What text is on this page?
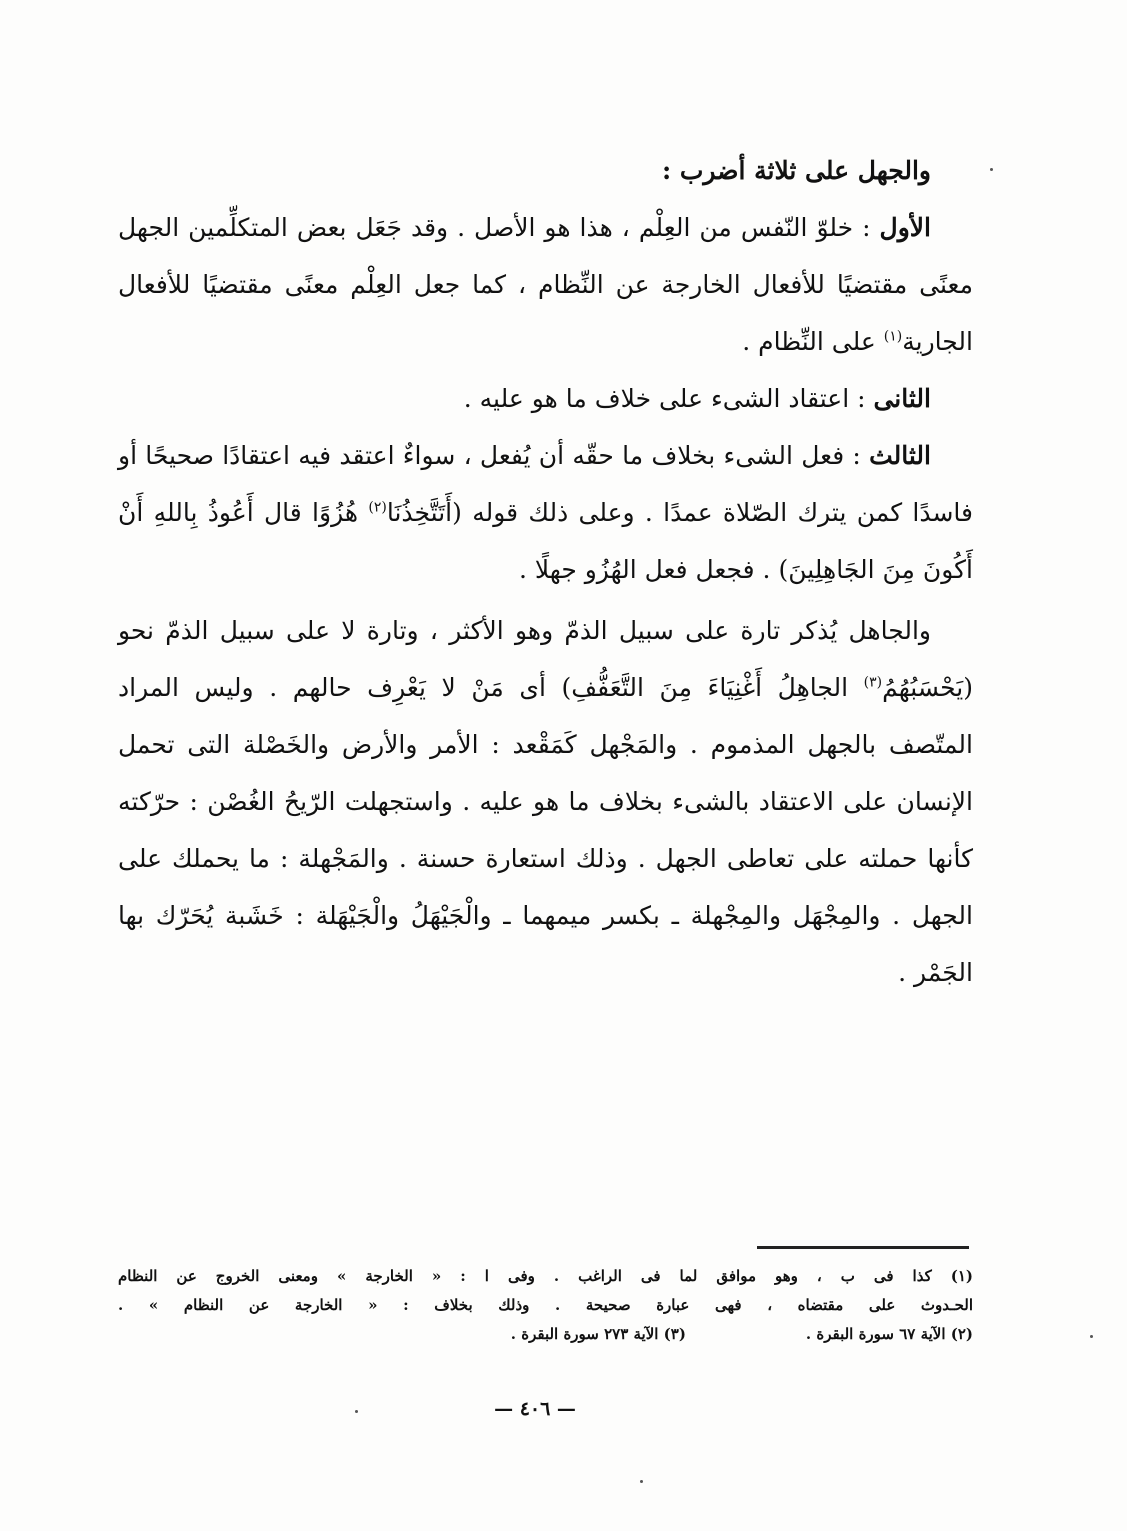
والجهل على ثلاثة أضرب :

الأول : خلوّ النّفس من العِلْم ، هذا هو الأصل . وقد جَعَل بعض المتكلِّمين الجهل معنًى مقتضيًا للأفعال الخارجة عن النِّظام ، كما جعل العِلْم معنًى مقتضيًا للأفعال الجارية$^{(١)}$ على النِّظام .

الثانى : اعتقاد الشىء على خلاف ما هو عليه .

الثالث : فعل الشىء بخلاف ما حقّه أن يُفعل ، سواءٌ اعتقد فيه اعتقادًا صحيحًا أو فاسدًا كمن يترك الصّلاة عمدًا . وعلى ذلك قوله (أَتَتَّخِذُنَا$^{(٢)}$ هُزُوًا قال أَعُوذُ بِاللهِ أَنْ أَكُونَ مِنَ الجَاهِلِينَ) . فجعل فعل الهُزُو جهلًا .

والجاهل يُذكر تارة على سبيل الذمّ وهو الأكثر ، وتارة لا على سبيل الذمّ نحو (يَحْسَبُهُمُ$^{(٣)}$ الجاهِلُ أَغْنِيَاءَ مِنَ التَّعَفُّفِ) أى مَنْ لا يَعْرِف حالهم . وليس المراد المتّصف بالجهل المذموم . والمَجْهل كَمَقْعد : الأمر والأرض والخَصْلة التى تحمل الإنسان على الاعتقاد بالشىء بخلاف ما هو عليه . واستجهلت الرّيحُ الغُصْن : حرّكته كأنها حملته على تعاطى الجهل . وذلك استعارة حسنة . والمَجْهلة : ما يحملك على الجهل . والمِجْهَل والمِجْهلة ـ بكسر ميمهما ـ والْجَيْهَلُ والْجَيْهَلة : خَشَبة يُحَرّك بها الجَمْر .

(١) كذا فى ب ، وهو موافق لما فى الراغب . وفى ا : « الخارجة » ومعنى الخروج عن النظام
الحـدوث على مقتضاه ، فهى عبارة صحيحة . وذلك بخلاف : « الخارجة عن النظام » .
(٢) الآية ٦٧ سورة البقرة .
(٣) الآية ٢٧٣ سورة البقرة .
— ٤٠٦ —
